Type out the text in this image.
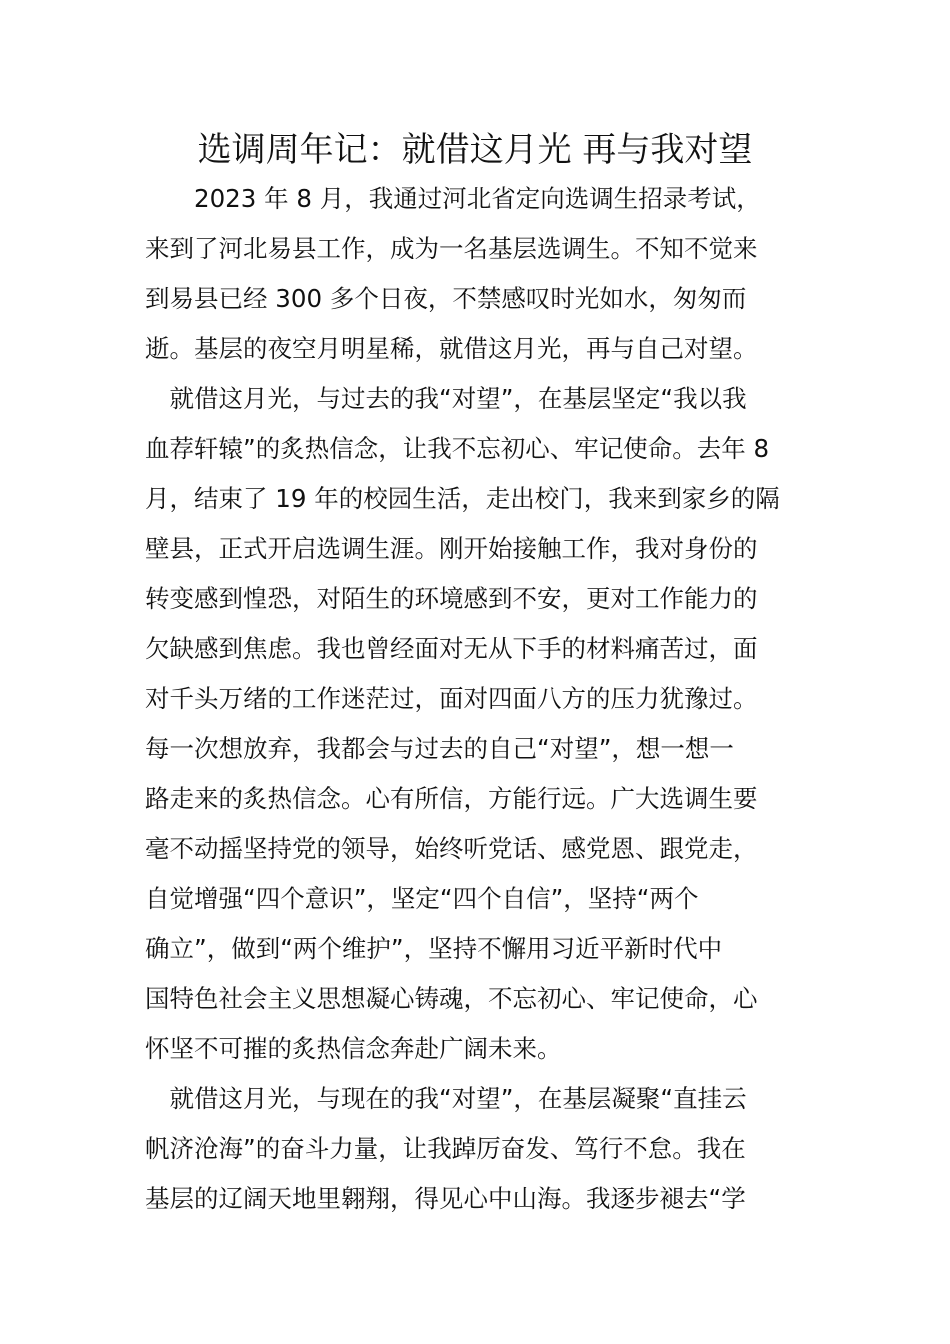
选调周年记：就借这月光 再与我对望
　　2023 年 8 月，我通过河北省定向选调生招录考试，
来到了河北易县工作，成为一名基层选调生。不知不觉来
到易县已经 300 多个日夜，不禁感叹时光如水，匆匆而
逝。基层的夜空月明星稀，就借这月光，再与自己对望。
　就借这月光，与过去的我“对望”，在基层坚定“我以我
血荐轩辕”的炙热信念，让我不忘初心、牢记使命。去年 8
月，结束了 19 年的校园生活，走出校门，我来到家乡的隔
壁县，正式开启选调生涯。刚开始接触工作，我对身份的
转变感到惶恐，对陌生的环境感到不安，更对工作能力的
欠缺感到焦虑。我也曾经面对无从下手的材料痛苦过，面
对千头万绪的工作迷茫过，面对四面八方的压力犹豫过。
每一次想放弃，我都会与过去的自己“对望”，想一想一
路走来的炙热信念。心有所信，方能行远。广大选调生要
毫不动摇坚持党的领导，始终听党话、感党恩、跟党走，
自觉增强“四个意识”，坚定“四个自信”，坚持“两个
确立”，做到“两个维护”，坚持不懈用习近平新时代中
国特色社会主义思想凝心铸魂，不忘初心、牢记使命，心
怀坚不可摧的炙热信念奔赴广阔未来。
　就借这月光，与现在的我“对望”，在基层凝聚“直挂云
帆济沧海”的奋斗力量，让我踔厉奋发、笃行不怠。我在
基层的辽阔天地里翱翔，得见心中山海。我逐步褪去“学
